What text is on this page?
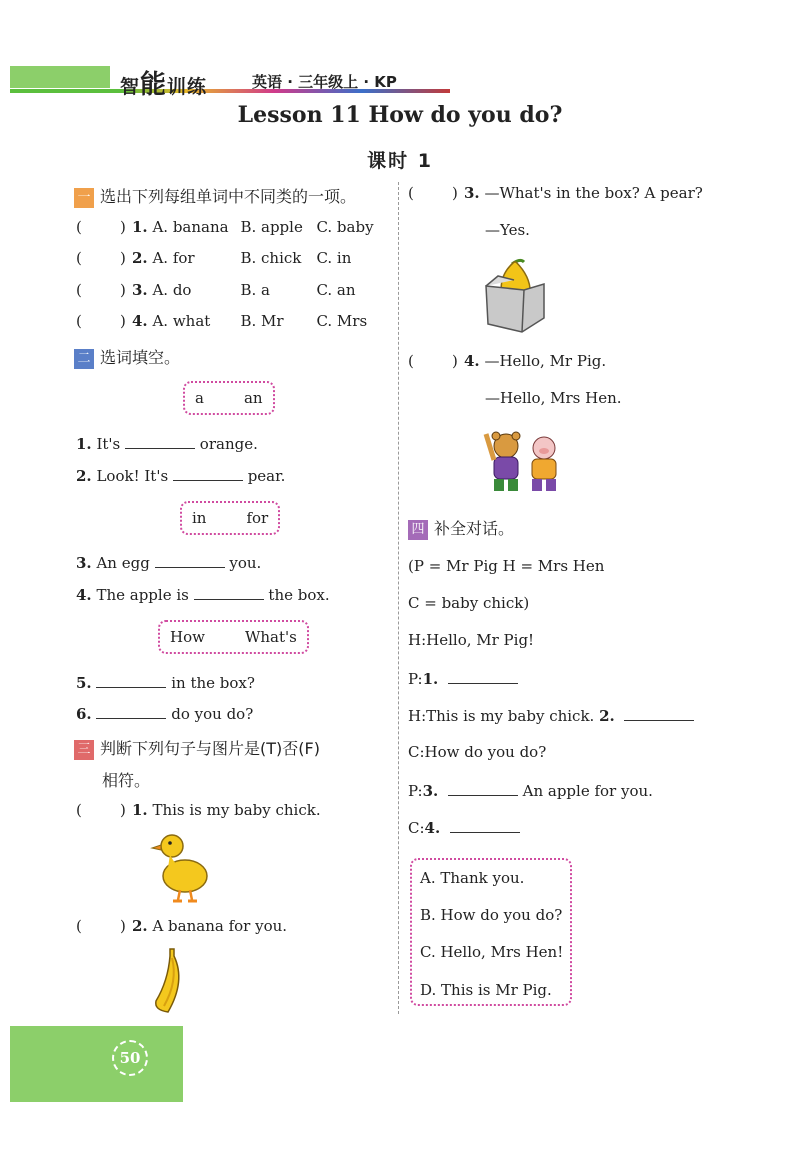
智能训练	英语 · 三年级上 · KP
Lesson 11 How do you do?
课时 1
一 选出下列每组单词中不同类的一项。
(        ) 1. A. banana B. apple C. baby
(        ) 2. A. for	B. chick C. in
(        ) 3. A. do	B. a	C. an
(        ) 4. A. what B. Mr C. Mrs
二 选词填空。
a	an
1. It's	orange.
2. Look! It's	pear.
in	for
3. An egg	you.
4. The apple is	the box.
How	What's
5.	in the box?
6.	do you do?
三 判断下列句子与图片是(T)否(F)
相符。
(        ) 1. This is my baby chick.
(        ) 2. A banana for you.
(        ) 3. —What's in the box? A pear?
—Yes.
(        ) 4. —Hello, Mr Pig.
—Hello, Mrs Hen.
四 补全对话。
(P = Mr Pig H = Mrs Hen
C = baby chick)
H:Hello, Mr Pig!
P:1.
H:This is my baby chick. 2.
C:How do you do?
P:3.	An apple for you.
C:4.
A. Thank you.
B. How do you do?
C. Hello, Mrs Hen!
D. This is Mr Pig.
50
